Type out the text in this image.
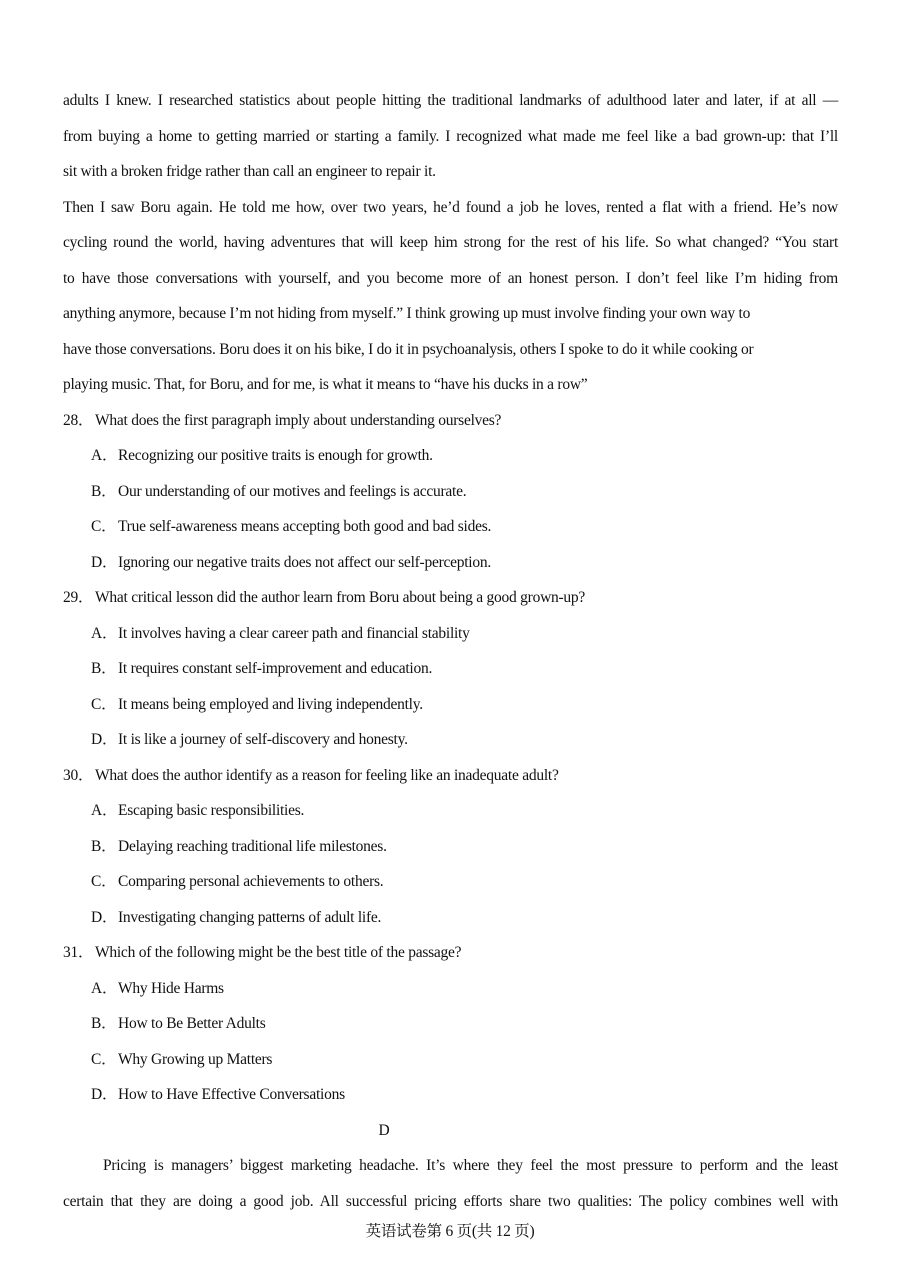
adults I knew. I researched statistics about people hitting the traditional landmarks of adulthood later and later, if at all —
from buying a home to getting married or starting a family. I recognized what made me feel like a bad grown-up: that I’ll
sit with a broken fridge rather than call an engineer to repair it.
Then I saw Boru again. He told me how, over two years, he’d found a job he loves, rented a flat with a friend. He’s now
cycling round the world, having adventures that will keep him strong for the rest of his life. So what changed? “You start
to have those conversations with yourself, and you become more of an honest person. I don’t feel like I’m hiding from
anything anymore, because I’m not hiding from myself.” I think growing up must involve finding your own way to
have those conversations. Boru does it on his bike, I do it in psychoanalysis, others I spoke to do it while cooking or
playing music. That, for Boru, and for me, is what it means to “have his ducks in a row”
28． What does the first paragraph imply about understanding ourselves?
A．Recognizing our positive traits is enough for growth.
B． Our understanding of our motives and feelings is accurate.
C． True self-awareness means accepting both good and bad sides.
D．Ignoring our negative traits does not affect our self-perception.
29． What critical lesson did the author learn from Boru about being a good grown-up?
A．It involves having a clear career path and financial stability
B． It requires constant self-improvement and education.
C． It means being employed and living independently.
D．It is like a journey of self-discovery and honesty.
30． What does the author identify as a reason for feeling like an inadequate adult?
A．Escaping basic responsibilities.
B． Delaying reaching traditional life milestones.
C． Comparing personal achievements to others.
D．Investigating changing patterns of adult life.
31． Which of the following might be the best title of the passage?
A．Why Hide Harms
B． How to Be Better Adults
C． Why Growing up Matters
D．How to Have Effective Conversations
D
Pricing is managers’ biggest marketing headache. It’s where they feel the most pressure to perform and the least
certain that they are doing a good job. All successful pricing efforts share two qualities: The policy combines well with
英语试卷第 6 页(共 12 页)
